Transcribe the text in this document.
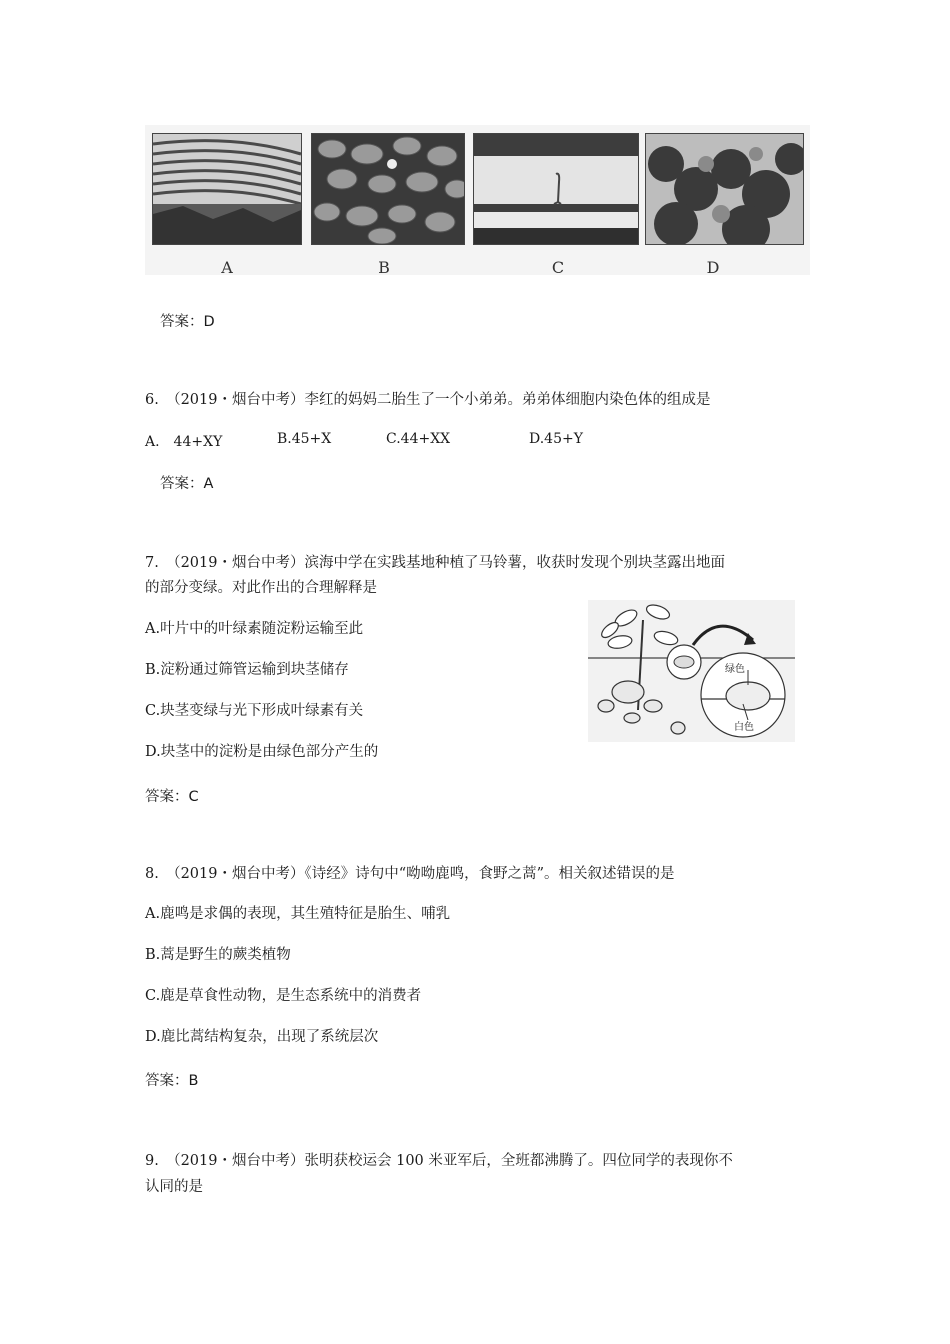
A	B	C	D
答案：D
6.　（2019・烟台中考）李红的妈妈二胎生了一个小弟弟。弟弟体细胞内染色体的组成是
A.　44+XY	B.45+X	C.44+XX	D.45+Y
答案：A
7.　（2019・烟台中考）滨海中学在实践基地种植了马铃薯，收获时发现个别块茎露出地面
的部分变绿。对此作出的合理解释是
A.叶片中的叶绿素随淀粉运输至此
B.淀粉通过筛管运输到块茎储存
C.块茎变绿与光下形成叶绿素有关
D.块茎中的淀粉是由绿色部分产生的
绿色
白色
答案：C
8.　（2019・烟台中考）《诗经》诗句中“呦呦鹿鸣，食野之蒿”。相关叙述错误的是
A.鹿鸣是求偶的表现，其生殖特征是胎生、哺乳
B.蒿是野生的蕨类植物
C.鹿是草食性动物，是生态系统中的消费者
D.鹿比蒿结构复杂，出现了系统层次
答案：B
9.　（2019・烟台中考）张明获校运会 100 米亚军后，全班都沸腾了。四位同学的表现你不
认同的是
